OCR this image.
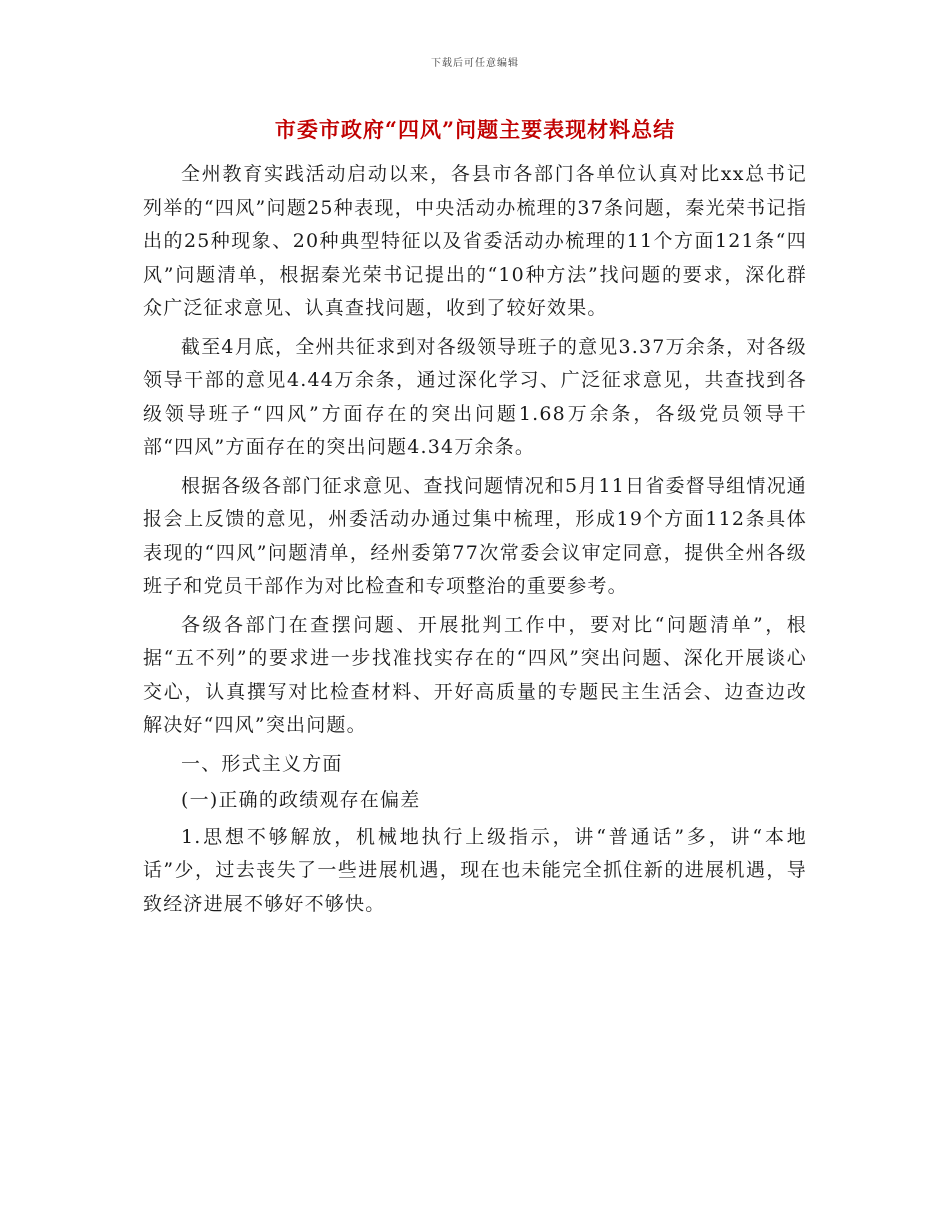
下载后可任意编辑
市委市政府“四风”问题主要表现材料总结

全州教育实践活动启动以来，各县市各部门各单位认真对比xx总书记列举的“四风”问题25种表现，中央活动办梳理的37条问题，秦光荣书记指出的25种现象、20种典型特征以及省委活动办梳理的11个方面121条“四风”问题清单，根据秦光荣书记提出的“10种方法”找问题的要求，深化群众广泛征求意见、认真查找问题，收到了较好效果。

截至4月底，全州共征求到对各级领导班子的意见3.37万余条，对各级领导干部的意见4.44万余条，通过深化学习、广泛征求意见，共查找到各级领导班子“四风”方面存在的突出问题1.68万余条，各级党员领导干部“四风”方面存在的突出问题4.34万余条。

根据各级各部门征求意见、查找问题情况和5月11日省委督导组情况通报会上反馈的意见，州委活动办通过集中梳理，形成19个方面112条具体表现的“四风”问题清单，经州委第77次常委会议审定同意，提供全州各级班子和党员干部作为对比检查和专项整治的重要参考。

各级各部门在查摆问题、开展批判工作中，要对比“问题清单”，根据“五不列”的要求进一步找准找实存在的“四风”突出问题、深化开展谈心交心，认真撰写对比检查材料、开好高质量的专题民主生活会、边查边改解决好“四风”突出问题。

一、形式主义方面

(一)正确的政绩观存在偏差

1.思想不够解放，机械地执行上级指示，讲“普通话”多，讲“本地话”少，过去丧失了一些进展机遇，现在也未能完全抓住新的进展机遇，导致经济进展不够好不够快。
